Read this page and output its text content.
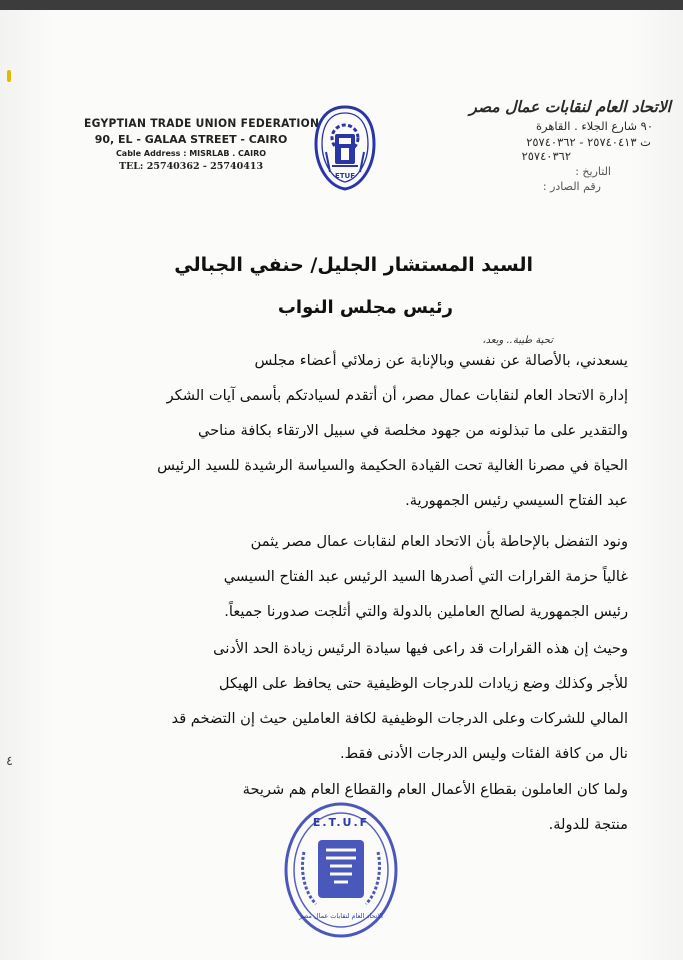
٤
EGYPTIAN TRADE UNION FEDERATION
90, EL - GALAA STREET - CAIRO
Cable Address : MISRLAB . CAIRO
TEL: 25740362 - 25740413
ETUF
الاتحاد العام لنقابات عمال مصر
٩٠ شارع الجلاء . القاهرة
ت ٢٥٧٤٠٤١٣ - ٢٥٧٤٠٣٦٢
٢٥٧٤٠٣٦٢
التاريخ :
رقم الصادر :
السيد المستشار الجليل/ حنفي الجبالي
رئيس مجلس النواب
تحية طيبة.. وبعد،
يسعدني، بالأصالة عن نفسي وبالإنابة عن زملائي أعضاء مجلس
إدارة الاتحاد العام لنقابات عمال مصر، أن أتقدم لسيادتكم بأسمى آيات الشكر
والتقدير على ما تبذلونه من جهود مخلصة في سبيل الارتقاء بكافة مناحي
الحياة في مصرنا الغالية تحت القيادة الحكيمة والسياسة الرشيدة للسيد الرئيس
عبد الفتاح السيسي رئيس الجمهورية.
ونود التفضل بالإحاطة بأن الاتحاد العام لنقابات عمال مصر يثمن
غالياً حزمة القرارات التي أصدرها السيد الرئيس عبد الفتاح السيسي
رئيس الجمهورية لصالح العاملين بالدولة والتي أثلجت صدورنا جميعاً.
وحيث إن هذه القرارات قد راعى فيها سيادة الرئيس زيادة الحد الأدنى
للأجر وكذلك وضع زيادات للدرجات الوظيفية حتى يحافظ على الهيكل
المالي للشركات وعلى الدرجات الوظيفية لكافة العاملين حيث إن التضخم قد
نال من كافة الفئات وليس الدرجات الأدنى فقط.
ولما كان العاملون بقطاع الأعمال العام والقطاع العام هم شريحة
منتجة للدولة.
E.T.U.F
الاتحاد العام لنقابات عمال مصر
